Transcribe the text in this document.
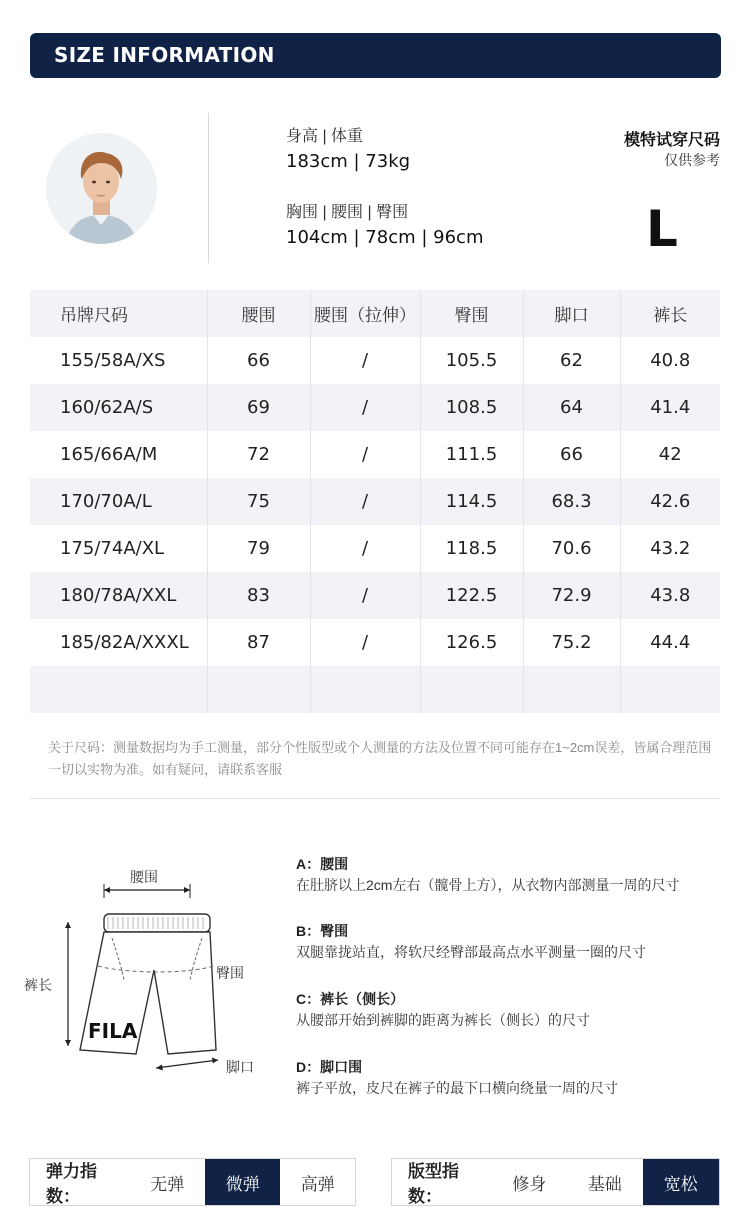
SIZE INFORMATION
身高 | 体重
183cm | 73kg
胸围 | 腰围 | 臀围
104cm | 78cm | 96cm
模特试穿尺码
仅供参考
L
吊牌尺码	腰围	腰围（拉伸）	臀围	脚口	裤长
155/58A/XS	66	/	105.5	62	40.8
160/62A/S	69	/	108.5	64	41.4
165/66A/M	72	/	111.5	66	42
170/70A/L	75	/	114.5	68.3	42.6
175/74A/XL	79	/	118.5	70.6	43.2
180/78A/XXL	83	/	122.5	72.9	43.8
185/82A/XXXL	87	/	126.5	75.2	44.4

关于尺码：测量数据均为手工测量，部分个性版型或个人测量的方法及位置不同可能存在1~2cm误差，皆属合理范围一切以实物为准。如有疑问，请联系客服
腰围
裤长
臀围
脚口
FILA
A：腰围
在肚脐以上2cm左右（髋骨上方），从衣物内部测量一周的尺寸
B：臀围
双腿靠拢站直，将软尺经臀部最高点水平测量一圈的尺寸
C：裤长（侧长）
从腰部开始到裤脚的距离为裤长（侧长）的尺寸
D：脚口围
裤子平放，皮尺在裤子的最下口横向绕量一周的尺寸
弹力指数：
无弹	微弹	高弹
版型指数：
修身	基础	宽松
